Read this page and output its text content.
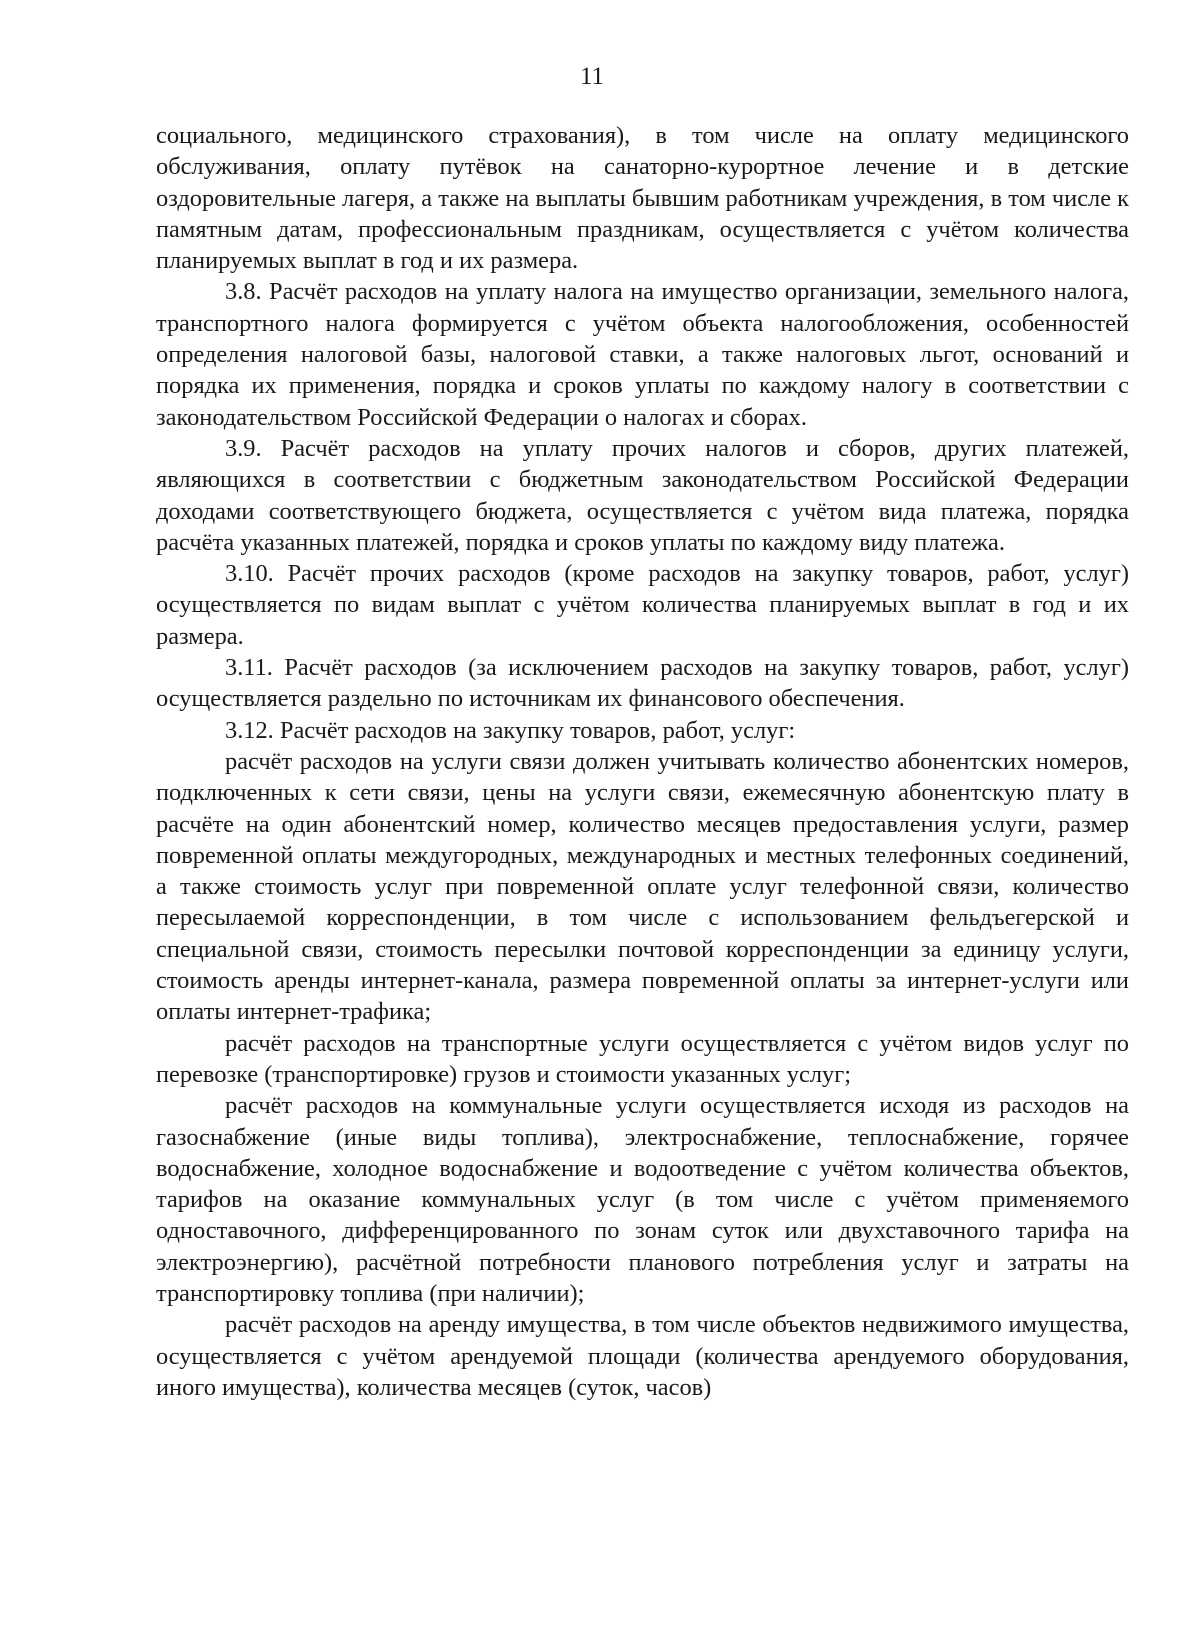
11

социального, медицинского страхования), в том числе на оплату медицинского обслуживания, оплату путёвок на санаторно-курортное лечение и в детские оздоровительные лагеря, а также на выплаты бывшим работникам учреждения, в том числе к памятным датам, профессиональным праздникам, осуществляется с учётом количества планируемых выплат в год и их размера.

3.8. Расчёт расходов на уплату налога на имущество организации, земельного налога, транспортного налога формируется с учётом объекта налогообложения, особенностей определения налоговой базы, налоговой ставки, а также налоговых льгот, оснований и порядка их применения, порядка и сроков уплаты по каждому налогу в соответствии с законодательством Российской Федерации о налогах и сборах.

3.9. Расчёт расходов на уплату прочих налогов и сборов, других платежей, являющихся в соответствии с бюджетным законодательством Российской Федерации доходами соответствующего бюджета, осуществляется с учётом вида платежа, порядка расчёта указанных платежей, порядка и сроков уплаты по каждому виду платежа.

3.10. Расчёт прочих расходов (кроме расходов на закупку товаров, работ, услуг) осуществляется по видам выплат с учётом количества планируемых выплат в год и их размера.

3.11. Расчёт расходов (за исключением расходов на закупку товаров, работ, услуг) осуществляется раздельно по источникам их финансового обеспечения.

3.12. Расчёт расходов на закупку товаров, работ, услуг:

расчёт расходов на услуги связи должен учитывать количество абонентских номеров, подключенных к сети связи, цены на услуги связи, ежемесячную абонентскую плату в расчёте на один абонентский номер, количество месяцев предоставления услуги, размер повременной оплаты междугородных, международных и местных телефонных соединений, а также стоимость услуг при повременной оплате услуг телефонной связи, количество пересылаемой корреспонденции, в том числе с использованием фельдъегерской и специальной связи, стоимость пересылки почтовой корреспонденции за единицу услуги, стоимость аренды интернет-канала, размера повременной оплаты за интернет-услуги или оплаты интернет-трафика;

расчёт расходов на транспортные услуги осуществляется с учётом видов услуг по перевозке (транспортировке) грузов и стоимости указанных услуг;

расчёт расходов на коммунальные услуги осуществляется исходя из расходов на газоснабжение (иные виды топлива), электроснабжение, теплоснабжение, горячее водоснабжение, холодное водоснабжение и водоотведение с учётом количества объектов, тарифов на оказание коммунальных услуг (в том числе с учётом применяемого одноставочного, дифференцированного по зонам суток или двухставочного тарифа на электроэнергию), расчётной потребности планового потребления услуг и затраты на транспортировку топлива (при наличии);

расчёт расходов на аренду имущества, в том числе объектов недвижимого имущества, осуществляется с учётом арендуемой площади (количества арендуемого оборудования, иного имущества), количества месяцев (суток, часов)
